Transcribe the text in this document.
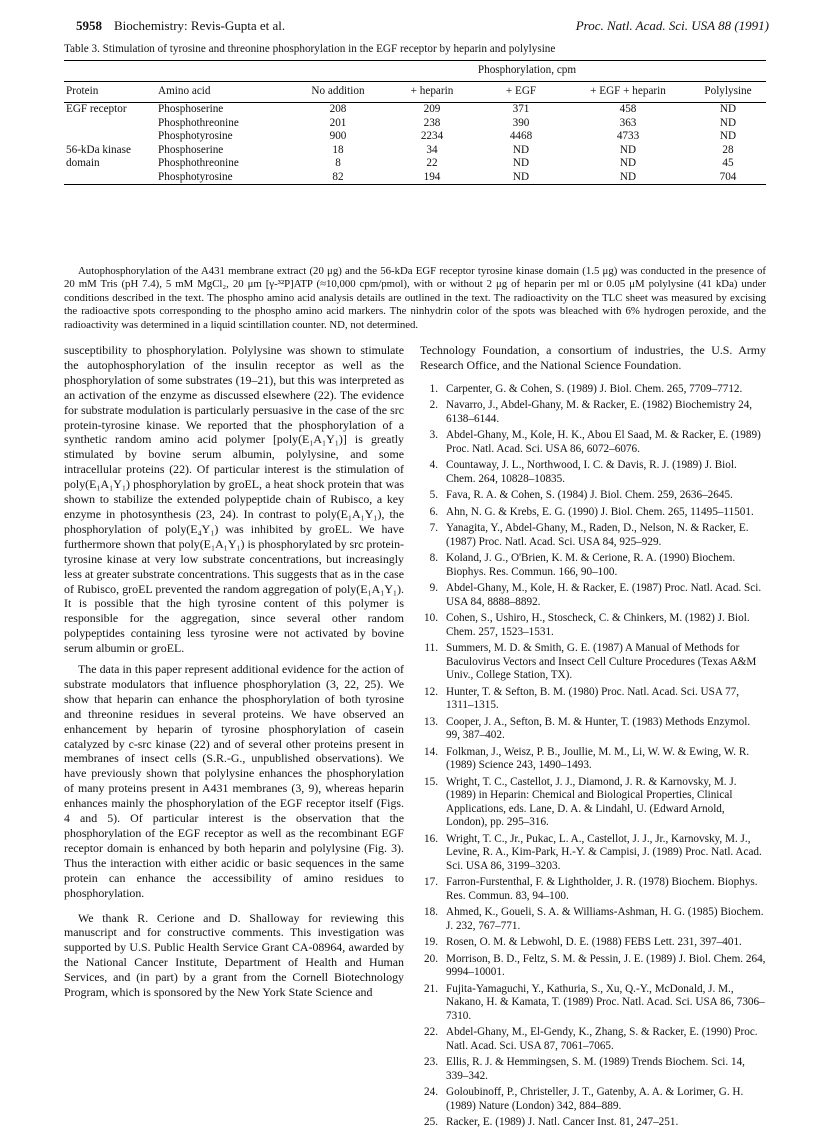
5958 Biochemistry: Revis-Gupta et al.	Proc. Natl. Acad. Sci. USA 88 (1991)
Table 3. Stimulation of tyrosine and threonine phosphorylation in the EGF receptor by heparin and polylysine
		Phosphorylation, cpm				
Protein	Amino acid	No addition	+ heparin	+ EGF	+ EGF + heparin	Polylysine
EGF receptor	Phosphoserine	208	209	371	458	ND
	Phosphothreonine	201	238	390	363	ND
	Phosphotyrosine	900	2234	4468	4733	ND
56-kDa kinase	Phosphoserine	18	34	ND	ND	28
domain	Phosphothreonine	8	22	ND	ND	45
	Phosphotyrosine	82	194	ND	ND	704
Autophosphorylation of the A431 membrane extract (20 μg) and the 56-kDa EGF receptor tyrosine kinase domain (1.5 μg) was conducted in the presence of 20 mM Tris (pH 7.4), 5 mM MgCl₂, 20 μm [γ-³²P]ATP (≈10,000 cpm/pmol), with or without 2 μg of heparin per ml or 0.05 μM polylysine (41 kDa) under conditions described in the text. The phospho amino acid analysis details are outlined in the text. The radioactivity on the TLC sheet was measured by excising the radioactive spots corresponding to the phospho amino acid markers. The ninhydrin color of the spots was bleached with 6% hydrogen peroxide, and the radioactivity was determined in a liquid scintillation counter. ND, not determined.

susceptibility to phosphorylation. Polylysine was shown to stimulate the autophosphorylation of the insulin receptor as well as the phosphorylation of some substrates (19–21), but this was interpreted as an activation of the enzyme as discussed elsewhere (22). The evidence for substrate modulation is particularly persuasive in the case of the src protein-tyrosine kinase. We reported that the phosphorylation of a synthetic random amino acid polymer [poly(E₁A₁Y₁)] is greatly stimulated by bovine serum albumin, polylysine, and some intracellular proteins (22). Of particular interest is the stimulation of poly(E₁A₁Y₁) phosphorylation by groEL, a heat shock protein that was shown to stabilize the extended polypeptide chain of Rubisco, a key enzyme in photosynthesis (23, 24). In contrast to poly(E₁A₁Y₁), the phosphorylation of poly(E₄Y₁) was inhibited by groEL. We have furthermore shown that poly(E₁A₁Y₁) is phosphorylated by src protein-tyrosine kinase at very low substrate concentrations, but increasingly less at greater substrate concentrations. This suggests that as in the case of Rubisco, groEL prevented the random aggregation of poly(E₁A₁Y₁). It is possible that the high tyrosine content of this polymer is responsible for the aggregation, since several other random polypeptides containing less tyrosine were not activated by bovine serum albumin or groEL.

The data in this paper represent additional evidence for the action of substrate modulators that influence phosphorylation (3, 22, 25). We show that heparin can enhance the phosphorylation of both tyrosine and threonine residues in several proteins. We have observed an enhancement by heparin of tyrosine phosphorylation of casein catalyzed by c-src kinase (22) and of several other proteins present in membranes of insect cells (S.R.-G., unpublished observations). We have previously shown that polylysine enhances the phosphorylation of many proteins present in A431 membranes (3, 9), whereas heparin enhances mainly the phosphorylation of the EGF receptor itself (Figs. 4 and 5). Of particular interest is the observation that the phosphorylation of the EGF receptor as well as the recombinant EGF receptor domain is enhanced by both heparin and polylysine (Fig. 3). Thus the interaction with either acidic or basic sequences in the same protein can enhance the accessibility of amino residues to phosphorylation.

We thank R. Cerione and D. Shalloway for reviewing this manuscript and for constructive comments. This investigation was supported by U.S. Public Health Service Grant CA-08964, awarded by the National Cancer Institute, Department of Health and Human Services, and (in part) by a grant from the Cornell Biotechnology Program, which is sponsored by the New York State Science and

Technology Foundation, a consortium of industries, the U.S. Army Research Office, and the National Science Foundation.

1. Carpenter, G. & Cohen, S. (1989) J. Biol. Chem. 265, 7709–7712.
2. Navarro, J., Abdel-Ghany, M. & Racker, E. (1982) Biochemistry 24, 6138–6144.
3. Abdel-Ghany, M., Kole, H. K., Abou El Saad, M. & Racker, E. (1989) Proc. Natl. Acad. Sci. USA 86, 6072–6076.
4. Countaway, J. L., Northwood, I. C. & Davis, R. J. (1989) J. Biol. Chem. 264, 10828–10835.
5. Fava, R. A. & Cohen, S. (1984) J. Biol. Chem. 259, 2636–2645.
6. Ahn, N. G. & Krebs, E. G. (1990) J. Biol. Chem. 265, 11495–11501.
7. Yanagita, Y., Abdel-Ghany, M., Raden, D., Nelson, N. & Racker, E. (1987) Proc. Natl. Acad. Sci. USA 84, 925–929.
8. Koland, J. G., O'Brien, K. M. & Cerione, R. A. (1990) Biochem. Biophys. Res. Commun. 166, 90–100.
9. Abdel-Ghany, M., Kole, H. & Racker, E. (1987) Proc. Natl. Acad. Sci. USA 84, 8888–8892.
10. Cohen, S., Ushiro, H., Stoscheck, C. & Chinkers, M. (1982) J. Biol. Chem. 257, 1523–1531.
11. Summers, M. D. & Smith, G. E. (1987) A Manual of Methods for Baculovirus Vectors and Insect Cell Culture Procedures (Texas A&M Univ., College Station, TX).
12. Hunter, T. & Sefton, B. M. (1980) Proc. Natl. Acad. Sci. USA 77, 1311–1315.
13. Cooper, J. A., Sefton, B. M. & Hunter, T. (1983) Methods Enzymol. 99, 387–402.
14. Folkman, J., Weisz, P. B., Joullie, M. M., Li, W. W. & Ewing, W. R. (1989) Science 243, 1490–1493.
15. Wright, T. C., Castellot, J. J., Diamond, J. R. & Karnovsky, M. J. (1989) in Heparin: Chemical and Biological Properties, Clinical Applications, eds. Lane, D. A. & Lindahl, U. (Edward Arnold, London), pp. 295–316.
16. Wright, T. C., Jr., Pukac, L. A., Castellot, J. J., Jr., Karnovsky, M. J., Levine, R. A., Kim-Park, H.-Y. & Campisi, J. (1989) Proc. Natl. Acad. Sci. USA 86, 3199–3203.
17. Farron-Furstenthal, F. & Lightholder, J. R. (1978) Biochem. Biophys. Res. Commun. 83, 94–100.
18. Ahmed, K., Goueli, S. A. & Williams-Ashman, H. G. (1985) Biochem. J. 232, 767–771.
19. Rosen, O. M. & Lebwohl, D. E. (1988) FEBS Lett. 231, 397–401.
20. Morrison, B. D., Feltz, S. M. & Pessin, J. E. (1989) J. Biol. Chem. 264, 9994–10001.
21. Fujita-Yamaguchi, Y., Kathuria, S., Xu, Q.-Y., McDonald, J. M., Nakano, H. & Kamata, T. (1989) Proc. Natl. Acad. Sci. USA 86, 7306–7310.
22. Abdel-Ghany, M., El-Gendy, K., Zhang, S. & Racker, E. (1990) Proc. Natl. Acad. Sci. USA 87, 7061–7065.
23. Ellis, R. J. & Hemmingsen, S. M. (1989) Trends Biochem. Sci. 14, 339–342.
24. Goloubinoff, P., Christeller, J. T., Gatenby, A. A. & Lorimer, G. H. (1989) Nature (London) 342, 884–889.
25. Racker, E. (1989) J. Natl. Cancer Inst. 81, 247–251.
